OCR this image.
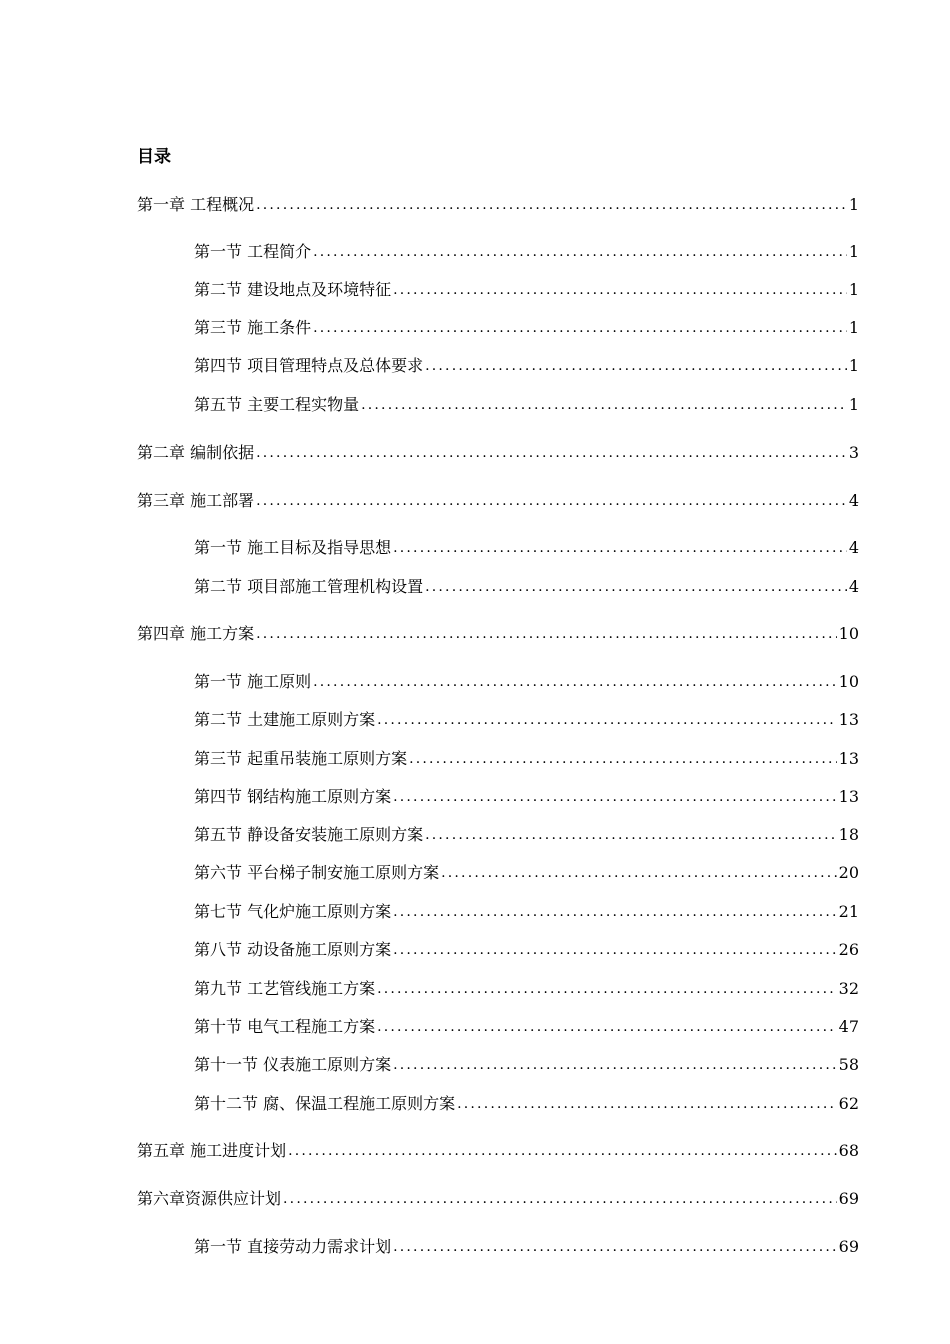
目录
第一章 工程概况 .....	1
第一节 工程简介 .....	1
第二节 建设地点及环境特征 .....	1
第三节 施工条件 .....	1
第四节 项目管理特点及总体要求 .....	1
第五节 主要工程实物量 .....	1
第二章 编制依据 .....	3
第三章 施工部署 .....	4
第一节 施工目标及指导思想 .....	4
第二节 项目部施工管理机构设置 .....	4
第四章 施工方案 .....	10
第一节 施工原则 .....	10
第二节 土建施工原则方案 .....	13
第三节 起重吊装施工原则方案 .....	13
第四节 钢结构施工原则方案 .....	13
第五节 静设备安装施工原则方案 .....	18
第六节 平台梯子制安施工原则方案 .....	20
第七节 气化炉施工原则方案 .....	21
第八节 动设备施工原则方案 .....	26
第九节 工艺管线施工方案 .....	32
第十节 电气工程施工方案 .....	47
第十一节 仪表施工原则方案 .....	58
第十二节 腐、保温工程施工原则方案 .....	62
第五章 施工进度计划 .....	68
第六章资源供应计划 .....	69
第一节 直接劳动力需求计划 .....	69
